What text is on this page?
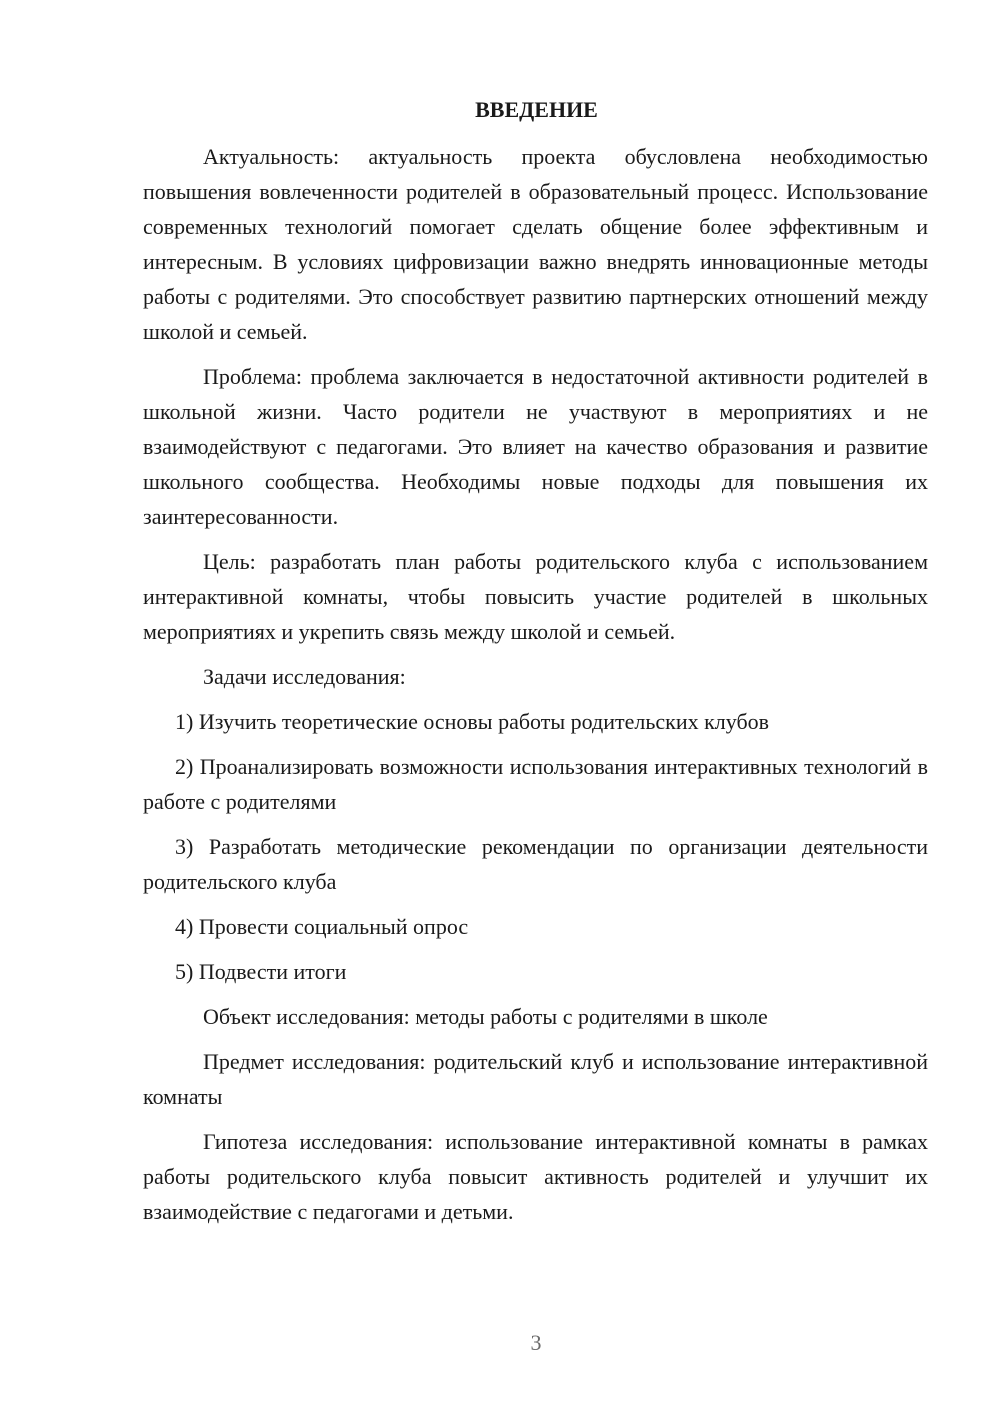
ВВЕДЕНИЕ

Актуальность: актуальность проекта обусловлена необходимостью повышения вовлеченности родителей в образовательный процесс. Использование современных технологий помогает сделать общение более эффективным и интересным. В условиях цифровизации важно внедрять инновационные методы работы с родителями. Это способствует развитию партнерских отношений между школой и семьей.

Проблема: проблема заключается в недостаточной активности родителей в школьной жизни. Часто родители не участвуют в мероприятиях и не взаимодействуют с педагогами. Это влияет на качество образования и развитие школьного сообщества. Необходимы новые подходы для повышения их заинтересованности.

Цель: разработать план работы родительского клуба с использованием интерактивной комнаты, чтобы повысить участие родителей в школьных мероприятиях и укрепить связь между школой и семьей.

Задачи исследования:

1) Изучить теоретические основы работы родительских клубов

2) Проанализировать возможности использования интерактивных технологий в работе с родителями

3) Разработать методические рекомендации по организации деятельности родительского клуба

4) Провести социальный опрос

5) Подвести итоги

Объект исследования: методы работы с родителями в школе

Предмет исследования: родительский клуб и использование интерактивной комнаты

Гипотеза исследования: использование интерактивной комнаты в рамках работы родительского клуба повысит активность родителей и улучшит их взаимодействие с педагогами и детьми.

3
